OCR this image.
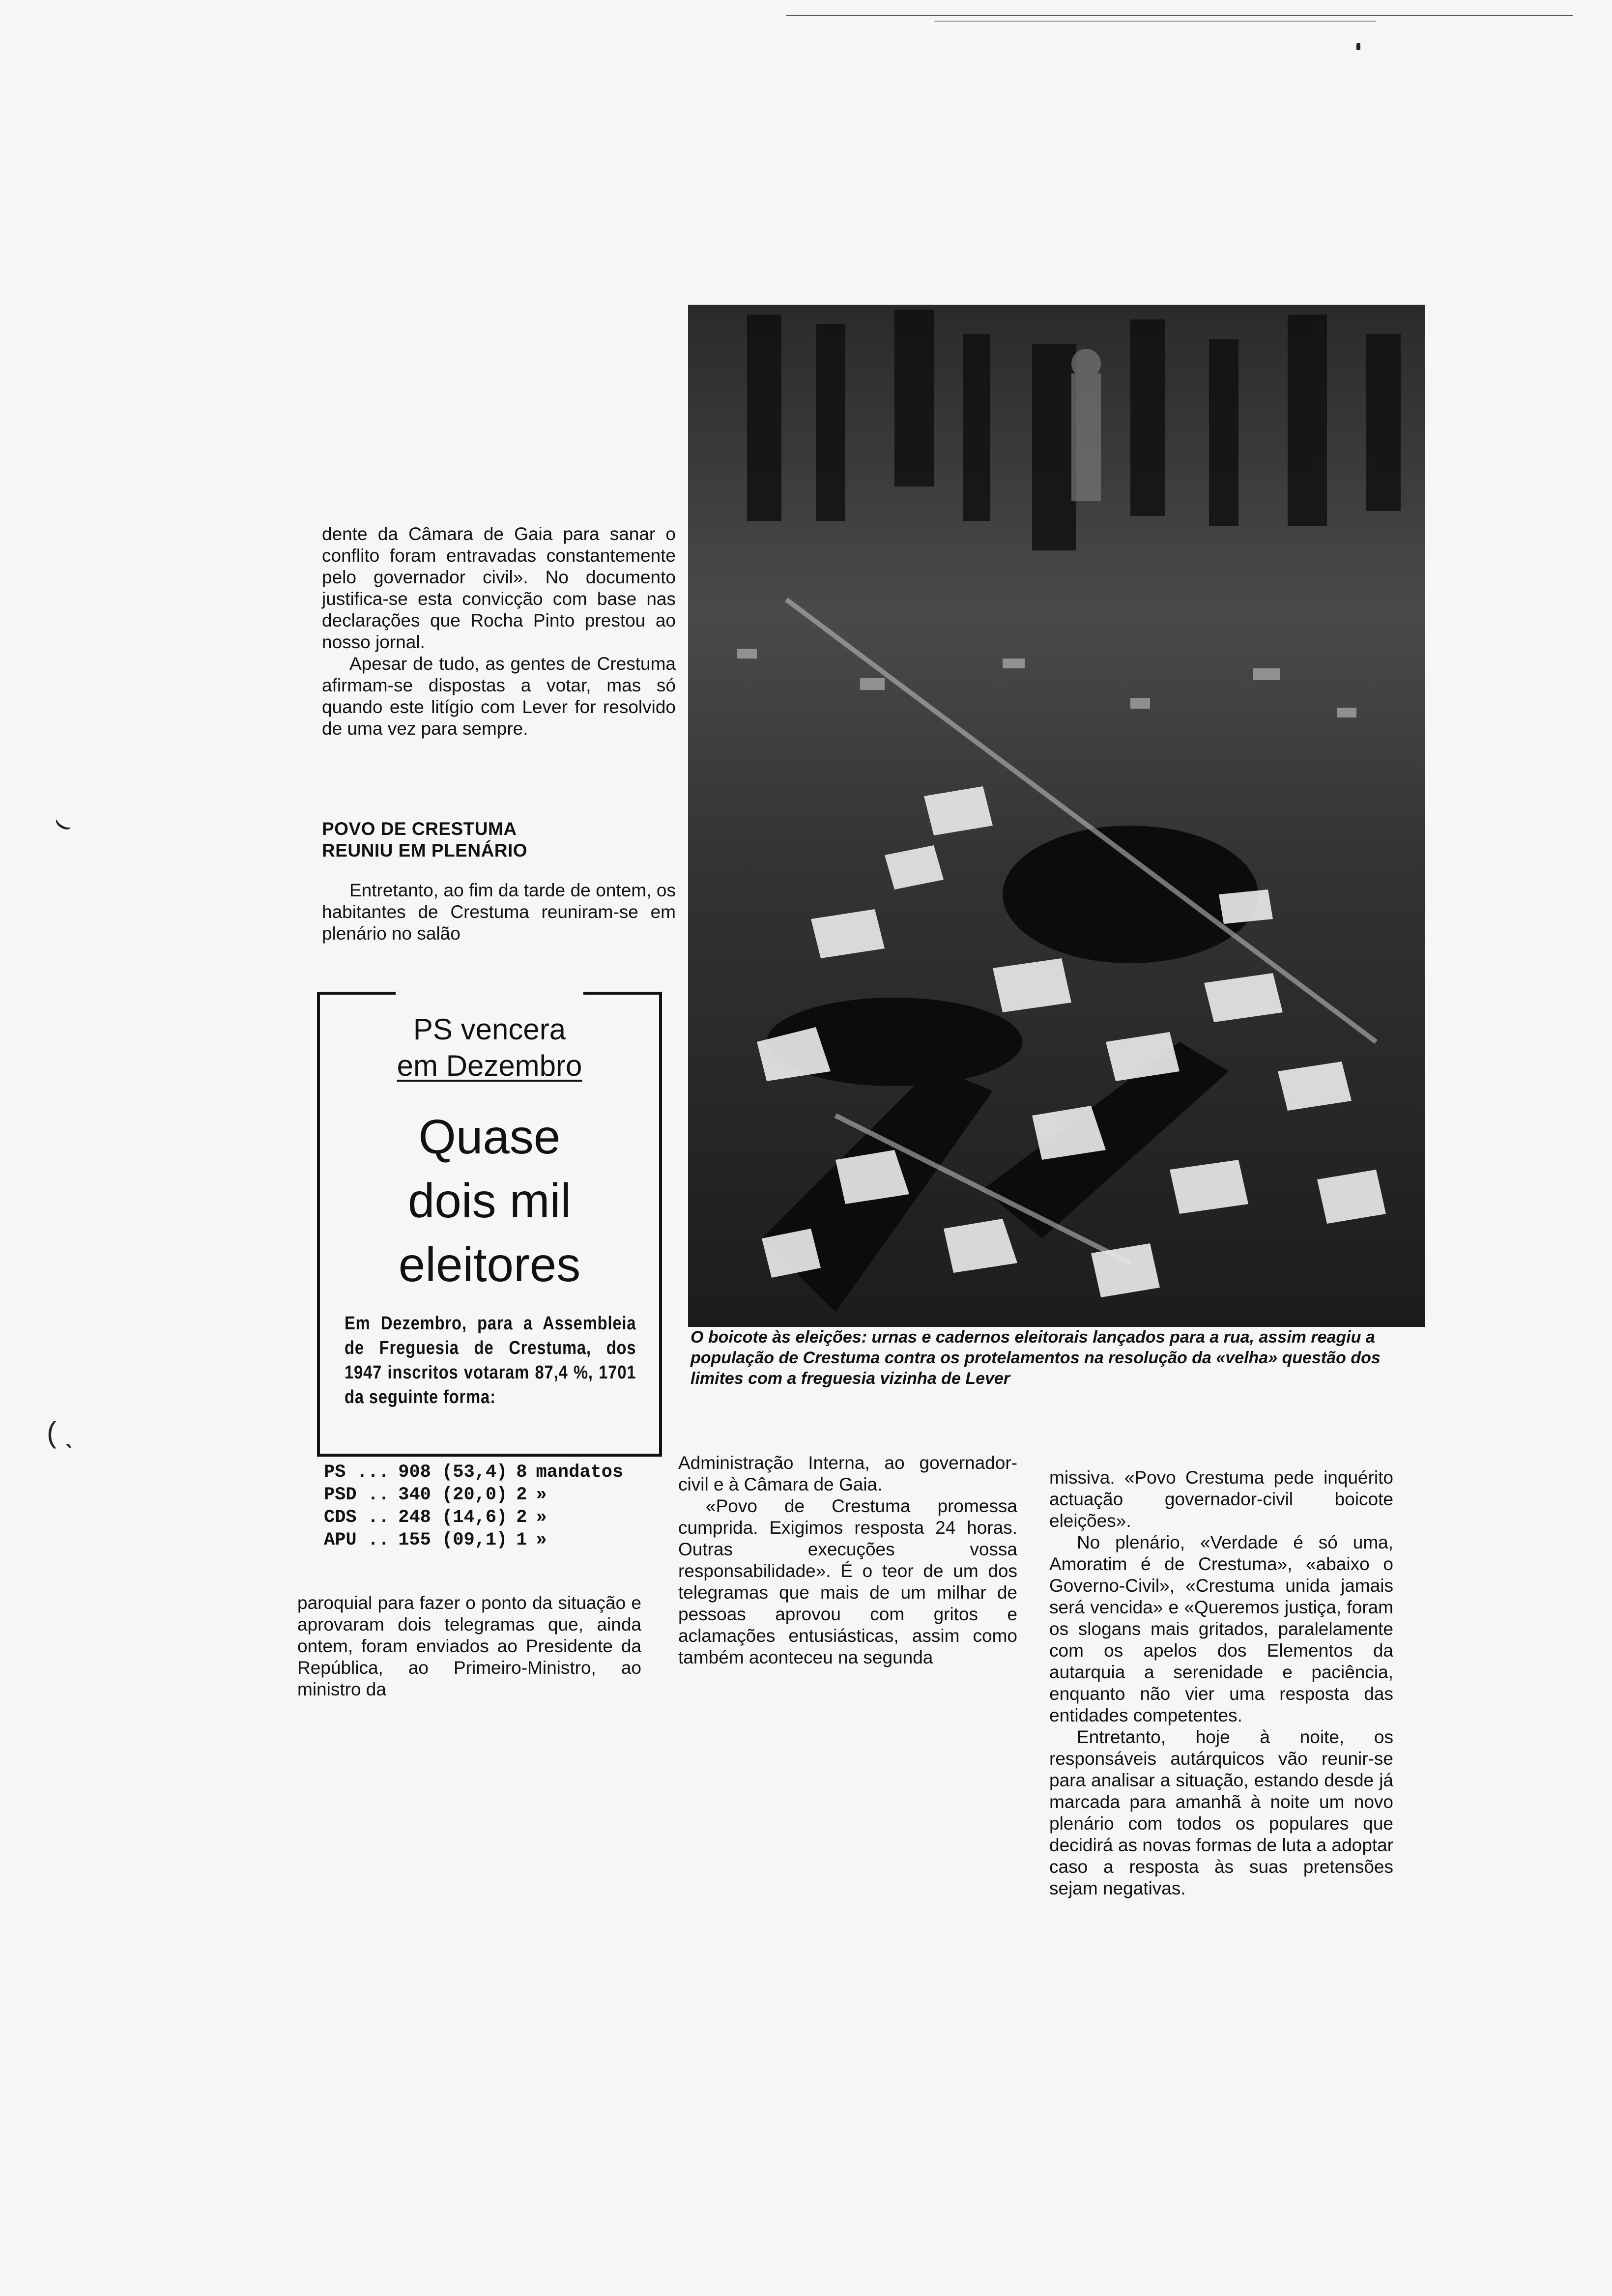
⌣
( ˎ

dente da Câmara de Gaia para sanar o conflito foram entravadas constantemente pelo governador civil». No documento justifica-se esta convicção com base nas declarações que Rocha Pinto prestou ao nosso jornal.

Apesar de tudo, as gentes de Crestuma afirmam-se dispostas a votar, mas só quando este litígio com Lever for resolvido de uma vez para sempre.

POVO DE CRESTUMA
REUNIU EM PLENÁRIO

Entretanto, ao fim da tarde de ontem, os habitantes de Crestuma reuniram-se em plenário no salão

PS vencera
em Dezembro
Quase
dois mil
eleitores
Em Dezembro, para a Assembleia de Freguesia de Crestuma, dos 1947 inscritos votaram 87,4 %, 1701 da seguinte forma:
PS ...	908 (53,4)	8	mandatos
PSD ..	340 (20,0)	2	»
CDS ..	248 (14,6)	2	»
APU ..	155 (09,1)	1	»
O boicote às eleições: urnas e cadernos eleitorais lançados para a rua, assim reagiu a população de Crestuma contra os protelamentos na resolução da «velha» questão dos limites com a freguesia vizinha de Lever

paroquial para fazer o ponto da situação e aprovaram dois telegramas que, ainda ontem, foram enviados ao Presidente da República, ao Primeiro-Ministro, ao ministro da

Administração Interna, ao governador-civil e à Câmara de Gaia.

«Povo de Crestuma promessa cumprida. Exigimos resposta 24 horas. Outras execuções vossa responsabilidade». É o teor de um dos telegramas que mais de um milhar de pessoas aprovou com gritos e aclamações entusiásticas, assim como também aconteceu na segunda

missiva. «Povo Crestuma pede inquérito actuação governador-civil boicote eleições».

No plenário, «Verdade é só uma, Amoratim é de Crestuma», «abaixo o Governo-Civil», «Crestuma unida jamais será vencida» e «Queremos justiça, foram os slogans mais gritados, paralelamente com os apelos dos Elementos da autarquia a serenidade e paciência, enquanto não vier uma resposta das entidades competentes.

Entretanto, hoje à noite, os responsáveis autárquicos vão reunir-se para analisar a situação, estando desde já marcada para amanhã à noite um novo plenário com todos os populares que decidirá as novas formas de luta a adoptar caso a resposta às suas pretensões sejam negativas.
